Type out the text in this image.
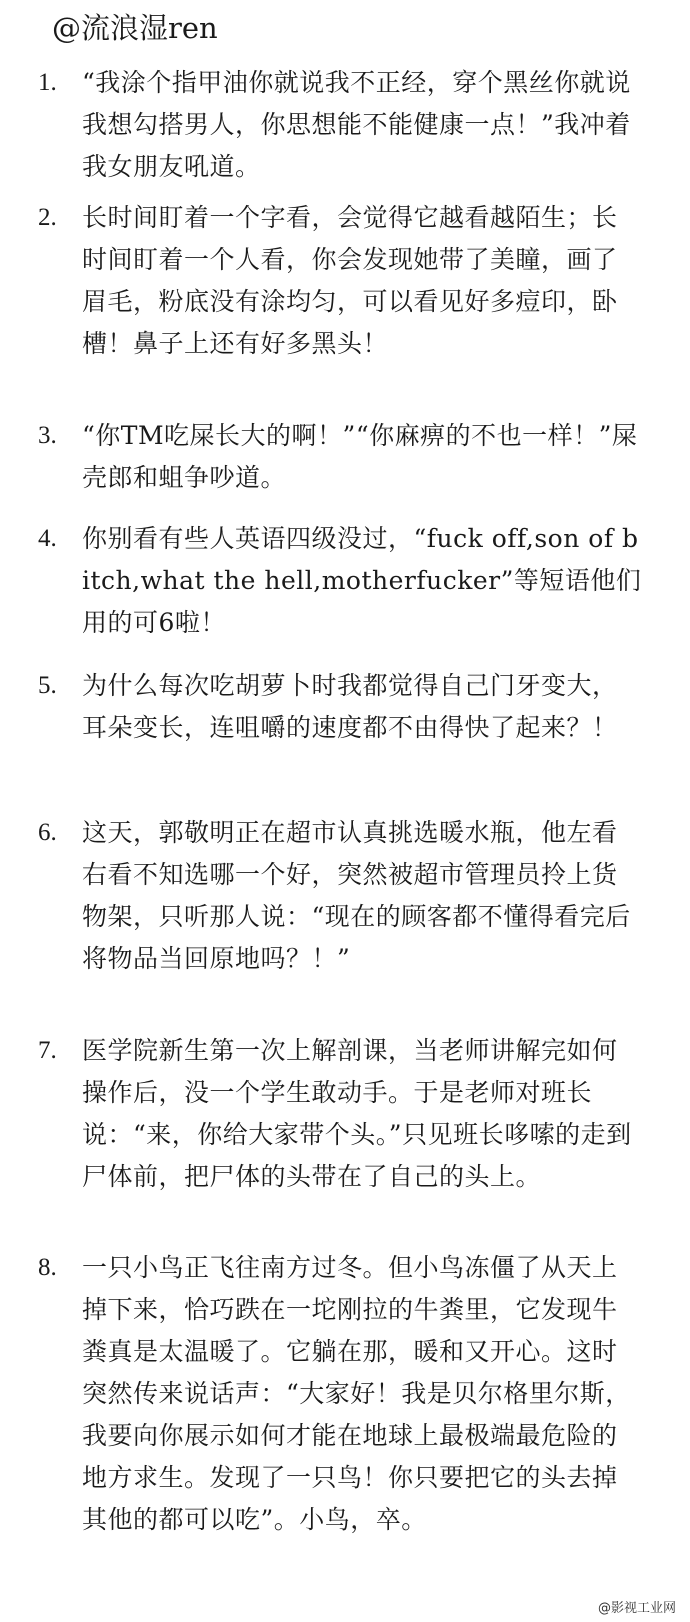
@流浪湿ren
1. “我涂个指甲油你就说我不正经，穿个黑丝你就说我想勾搭男人，你思想能不能健康一点！”我冲着我女朋友吼道。
2. 长时间盯着一个字看，会觉得它越看越陌生；长时间盯着一个人看，你会发现她带了美瞳，画了眉毛，粉底没有涂均匀，可以看见好多痘印，卧槽！鼻子上还有好多黑头！
3. “你TM吃屎长大的啊！”“你麻痹的不也一样！”屎壳郎和蛆争吵道。
4. 你别看有些人英语四级没过，“fuck off,son of bitch,what the hell,motherfucker”等短语他们用的可6啦！
5. 为什么每次吃胡萝卜时我都觉得自己门牙变大，耳朵变长，连咀嚼的速度都不由得快了起来？！
6. 这天，郭敬明正在超市认真挑选暖水瓶，他左看右看不知选哪一个好，突然被超市管理员拎上货物架，只听那人说：“现在的顾客都不懂得看完后将物品当回原地吗？！”
7. 医学院新生第一次上解剖课，当老师讲解完如何操作后，没一个学生敢动手。于是老师对班长说：“来，你给大家带个头。”只见班长哆嗦的走到尸体前，把尸体的头带在了自己的头上。
8. 一只小鸟正飞往南方过冬。但小鸟冻僵了从天上掉下来，恰巧跌在一坨刚拉的牛粪里，它发现牛粪真是太温暖了。它躺在那，暖和又开心。这时突然传来说话声：“大家好！我是贝尔格里尔斯，我要向你展示如何才能在地球上最极端最危险的地方求生。发现了一只鸟！你只要把它的头去掉其他的都可以吃”。小鸟，卒。
@影视工业网
